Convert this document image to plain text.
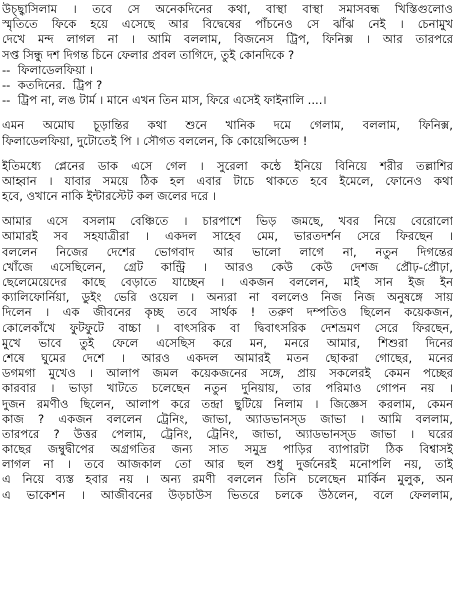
উচ্ছ্বাসিলাম । তবে সে অনেকদিনের কথা, বাস্থা বাস্থা সমাসবন্ধ খিস্তিগুলোও
স্মৃতিতে ফিকে হয়ে এসেছে আর বিদ্বেষের পাঁচনেও সে ঝাঁঝ নেই । চেনামুখ
দেখে মন্দ লাগল না । আমি বললাম, বিজনেস ট্রিপ, ফিনিক্স । আর তারপরে
সপ্ত সিন্ধু দশ দিগন্ত চিনে ফেলার প্রবল তাগিদে, তুই কোনদিকে ?
--  ফিলাডেলফিয়া ।
--  কতদিনের.  ট্রিপ ?
--  ট্রিপ না, লঙ টার্ম । মানে এখন তিন মাস, ফিরে এসেই ফাইনালি ....।
এমন অমোঘ চূড়ান্তির কথা শুনে খানিক দমে গেলাম, বললাম, ফিনিক্স,
ফিলাডেলফিয়া, দুটোতেই পি । সৌগত বললেন, কি কোয়েন্সিডেন্স !
ইতিমধ্যে প্লেনের ডাক এসে গেল । সুরেলা কন্ঠে ইনিয়ে বিনিয়ে শরীর তল্লাশির
আহ্বান । যাবার সময়ে ঠিক হল এবার টাচে থাকতে হবে ইমেলে, ফোনেও কথা
হবে, ওখানে নাকি ইন্টারস্টেট কল জলের দরে ।
আমার এসে বসলাম বেঞ্চিতে । চারপাশে ভিড় জমছে, খবর নিয়ে বেরোলো
আমারই সব সহযাত্রীরা । একদল সাহেব মেম, ভারতদর্শন সেরে ফিরছেন ।
বললেন নিজের দেশের ভোগবাদ আর ভালো লাগে না, নতুন দিগন্তের
খোঁজে এসেছিলেন, গ্রেট কান্ট্রি । আরও কেউ কেউ দেশজ প্রৌঢ়-প্রৌঢ়া,
ছেলেমেয়েদের কাছে বেড়াতে যাচ্ছেন । একজন বললেন, মাই সান ইজ ইন
ক্যালিফোর্নিয়া, ডুইং ভেরি ওয়েল । অন্যরা না বললেও নিজ নিজ অনুষঙ্গে সায়
দিলেন । এক জীবনের কৃচ্ছ তবে সার্থক ! তরুণ দম্পতিও ছিলেন কয়েকজন,
কোলেকাঁখে ফুটফুটে বাচ্চা । বাৎসরিক বা দ্বিবাৎসরিক দেশভ্রমণ সেরে ফিরছেন,
মুখে ভাবে তুই ফেলে এসেছিস করে মন, মনরে আমার, শিশুরা দিনের
শেষে ঘুমের দেশে । আরও একদল আমারই মতন ছোকরা গোছের, মনের
ডগমগা মুখেও । আলাপ জমল কয়েকজনের সঙ্গে, প্রায় সকলেরই কেমন পচ্ছের
কারবার । ভাড়া খাটতে চলেছেন নতুন দুনিয়ায়, তার পরিমাও গোপন নয় ।
দুজন রমণীও ছিলেন, আলাপ করে তন্দ্রা ছুটিয়ে নিলাম । জিজ্ঞেস করলাম, কেমন
কাজ ? একজন বললেন ট্রেনিং, জাভা, অ্যাডভানস্‌ড জাভা । আমি বললাম,
তারপরে ? উত্তর পেলাম, ট্রেনিং, ট্রেনিং, জাভা, অ্যাডভানস্‌ড জাভা । ঘরের
কাছের জম্বুদ্বীপের অগ্রগতির জন্য সাত সমুদ্র পাড়ির ব্যাপারটা ঠিক বিশ্বাসই
লাগল না । তবে আজকাল তো আর ছল শুধু দুর্জনেরই মনোপলি নয়, তাই
এ নিয়ে ব্যস্ত হবার নয় । অন্য রমণী বললেন তিনি চলেছেন মার্কিন মুলুক, অন
এ ভাকেশন । আজীবনের উড়চাউস ভিতরে চলকে উঠলেন, বলে ফেললাম,
